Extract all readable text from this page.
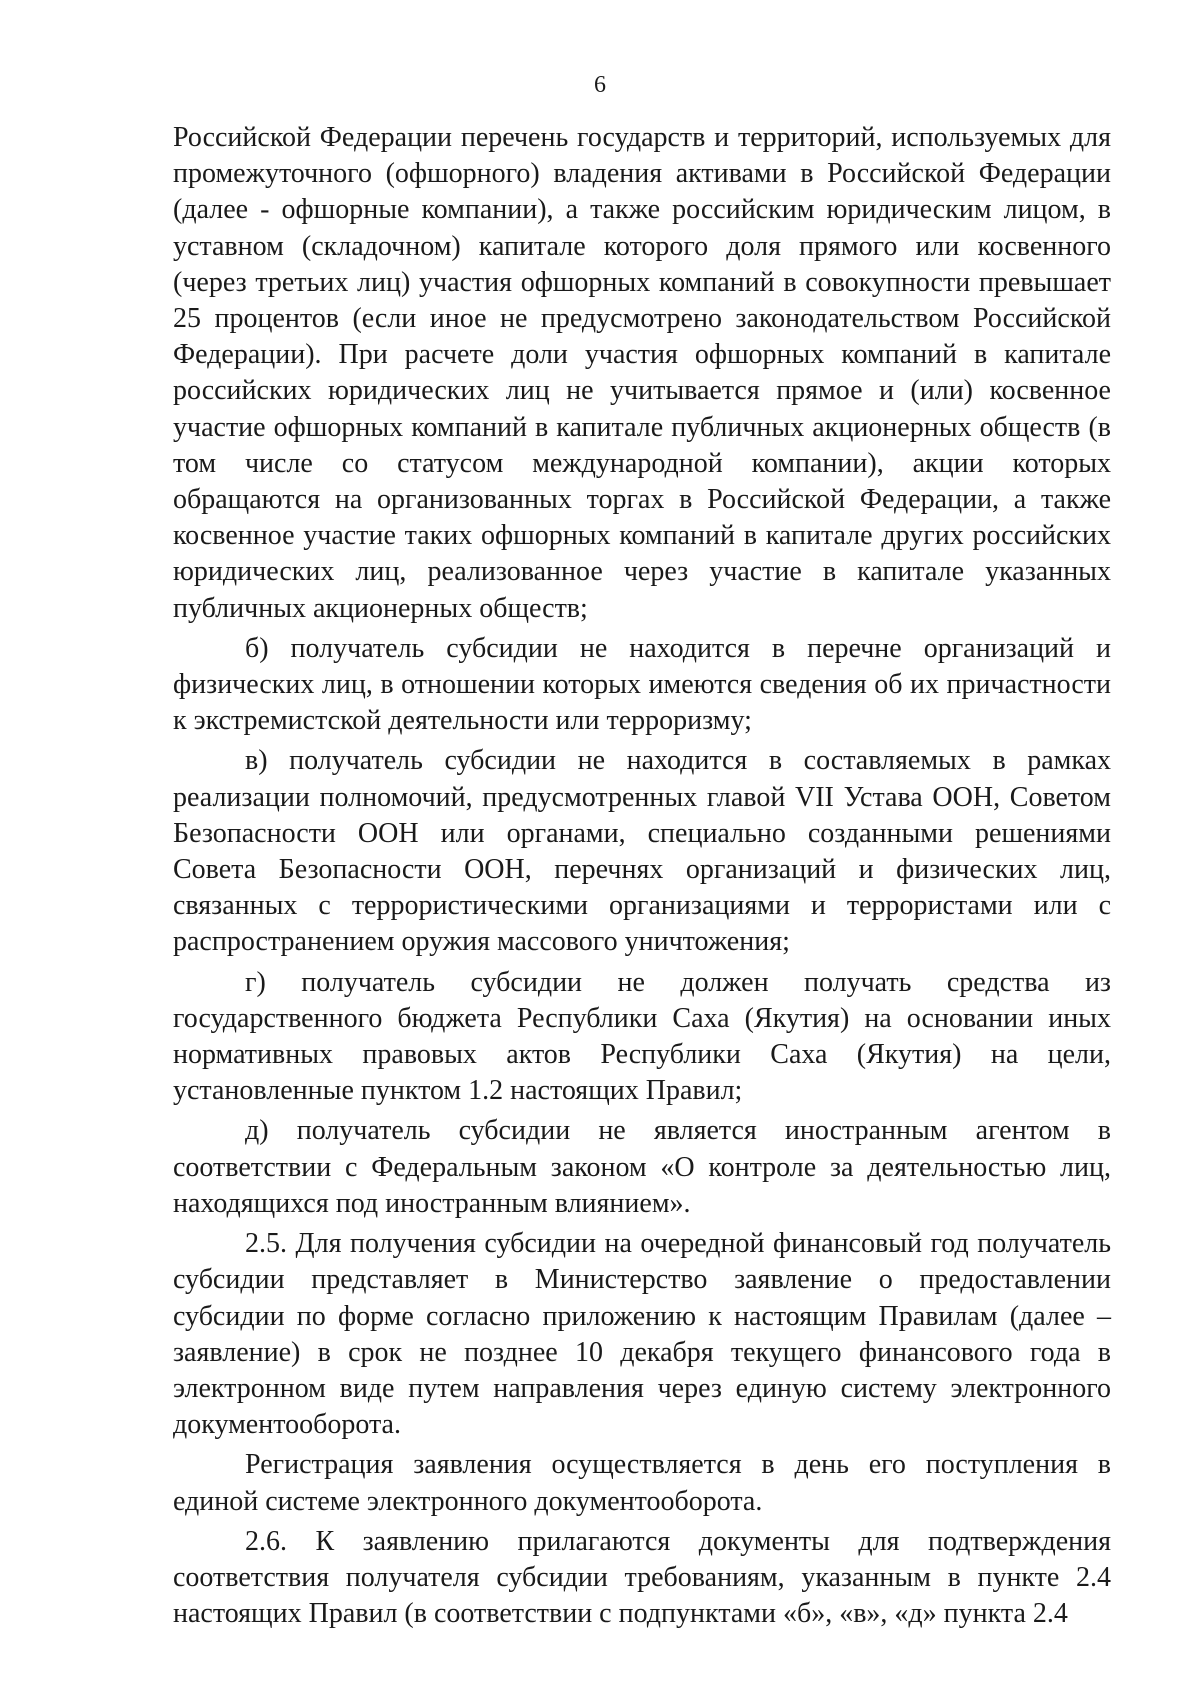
6

Российской Федерации перечень государств и территорий, используемых для промежуточного (офшорного) владения активами в Российской Федерации (далее - офшорные компании), а также российским юридическим лицом, в уставном (складочном) капитале которого доля прямого или косвенного (через третьих лиц) участия офшорных компаний в совокупности превышает 25 процентов (если иное не предусмотрено законодательством Российской Федерации). При расчете доли участия офшорных компаний в капитале российских юридических лиц не учитывается прямое и (или) косвенное участие офшорных компаний в капитале публичных акционерных обществ (в том числе со статусом международной компании), акции которых обращаются на организованных торгах в Российской Федерации, а также косвенное участие таких офшорных компаний в капитале других российских юридических лиц, реализованное через участие в капитале указанных публичных акционерных обществ;

б) получатель субсидии не находится в перечне организаций и физических лиц, в отношении которых имеются сведения об их причастности к экстремистской деятельности или терроризму;

в) получатель субсидии не находится в составляемых в рамках реализации полномочий, предусмотренных главой VII Устава ООН, Советом Безопасности ООН или органами, специально созданными решениями Совета Безопасности ООН, перечнях организаций и физических лиц, связанных с террористическими организациями и террористами или с распространением оружия массового уничтожения;

г) получатель субсидии не должен получать средства из государственного бюджета Республики Саха (Якутия) на основании иных нормативных правовых актов Республики Саха (Якутия) на цели, установленные пунктом 1.2 настоящих Правил;

д) получатель субсидии не является иностранным агентом в соответствии с Федеральным законом «О контроле за деятельностью лиц, находящихся под иностранным влиянием».

2.5. Для получения субсидии на очередной финансовый год получатель субсидии представляет в Министерство заявление о предоставлении субсидии по форме согласно приложению к настоящим Правилам (далее – заявление) в срок не позднее 10 декабря текущего финансового года в электронном виде путем направления через единую систему электронного документооборота.

Регистрация заявления осуществляется в день его поступления в единой системе электронного документооборота.

2.6. К заявлению прилагаются документы для подтверждения соответствия получателя субсидии требованиям, указанным в пункте 2.4 настоящих Правил (в соответствии с подпунктами «б», «в», «д» пункта 2.4
